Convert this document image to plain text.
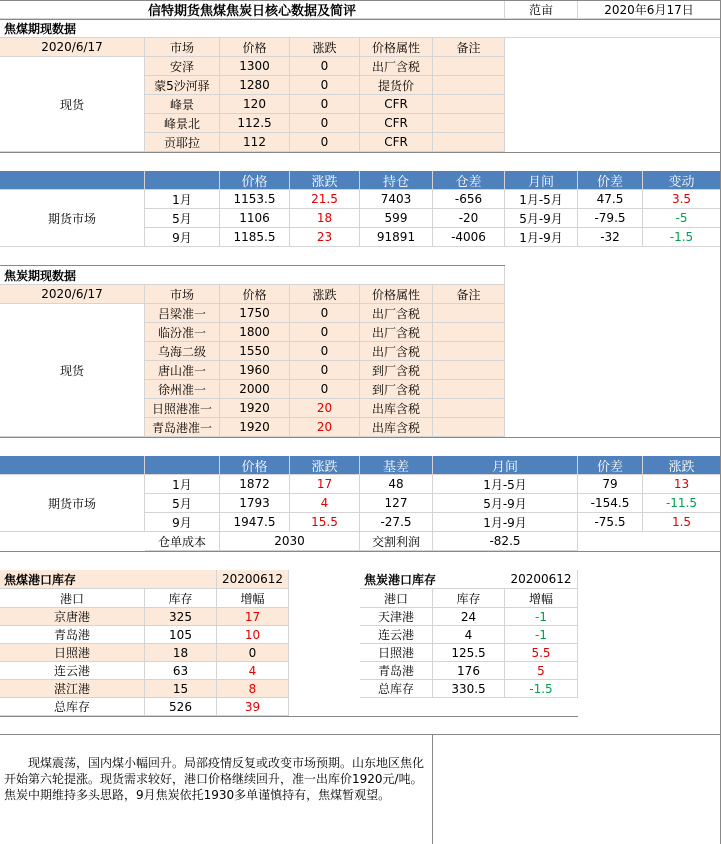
信特期货焦煤焦炭日核心数据及简评	范亩	2020年6月17日
焦煤期现数据
2020/6/17	市场	价格	涨跌	价格属性	备注
现货
安泽	1300	0	出厂含税
蒙5沙河驿	1280	0	提货价
峰景	120	0	CFR
峰景北	112.5	0	CFR
贡耶拉	112	0	CFR
价格	涨跌	持仓	仓差	月间	价差	变动
期货市场
1月	1153.5	21.5	7403	-656	1月-5月	47.5	3.5
5月	1106	18	599	-20	5月-9月	-79.5	-5
9月	1185.5	23	91891	-4006	1月-9月	-32	-1.5
焦炭期现数据
2020/6/17	市场	价格	涨跌	价格属性	备注
现货
吕梁准一	1750	0	出厂含税
临汾准一	1800	0	出厂含税
乌海二级	1550	0	出厂含税
唐山准一	1960	0	到厂含税
徐州准一	2000	0	到厂含税
日照港准一	1920	20	出库含税
青岛港准一	1920	20	出库含税
价格	涨跌	基差	月间	价差	涨跌
期货市场
1月	1872	17	48	1月-5月	79	13
5月	1793	4	127	5月-9月	-154.5	-11.5
9月	1947.5	15.5	-27.5	1月-9月	-75.5	1.5
仓单成本	2030	交割利润	-82.5
焦煤港口库存	20200612
港口	库存	增幅
京唐港	325	17
青岛港	105	10
日照港	18	0
连云港	63	4
湛江港	15	8
总库存	526	39
焦炭港口库存	20200612
港口	库存	增幅
天津港	24	-1
连云港	4	-1
日照港	125.5	5.5
青岛港	176	5
总库存	330.5	-1.5
　　现煤震荡，国内煤小幅回升。局部疫情反复或改变市场预期。山东地区焦化开始第六轮提涨。现货需求较好，港口价格继续回升，准一出库价1920元/吨。焦炭中期维持多头思路，9月焦炭依托1930多单谨慎持有，焦煤暂观望。
